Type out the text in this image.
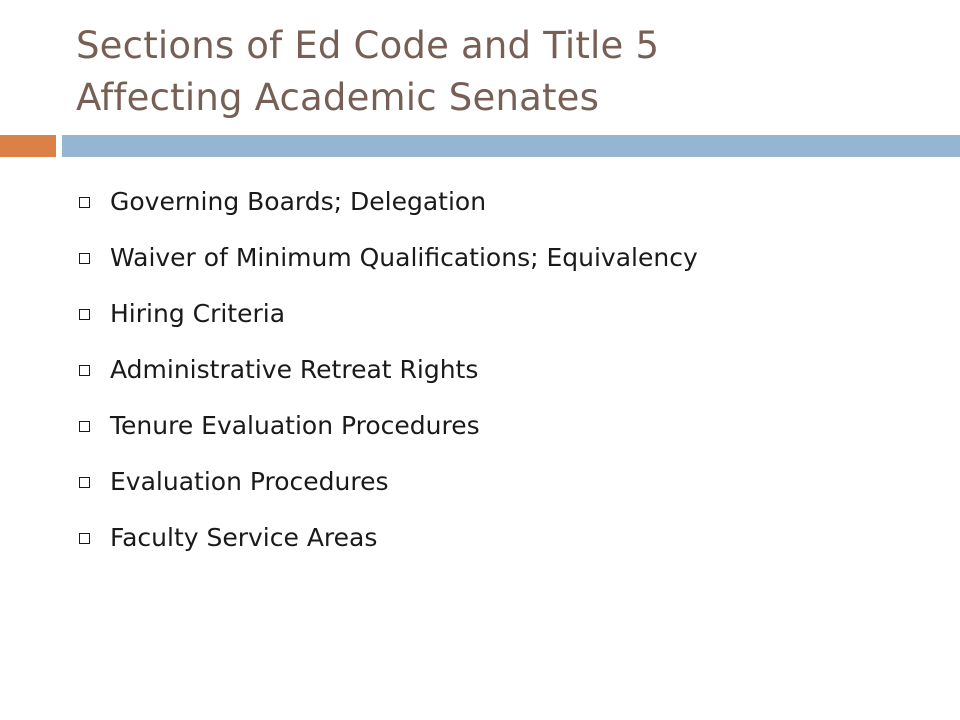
Sections of Ed Code and Title 5
Affecting Academic Senates
Governing Boards; Delegation
Waiver of Minimum Qualifications; Equivalency
Hiring Criteria
Administrative Retreat Rights
Tenure Evaluation Procedures
Evaluation Procedures
Faculty Service Areas
